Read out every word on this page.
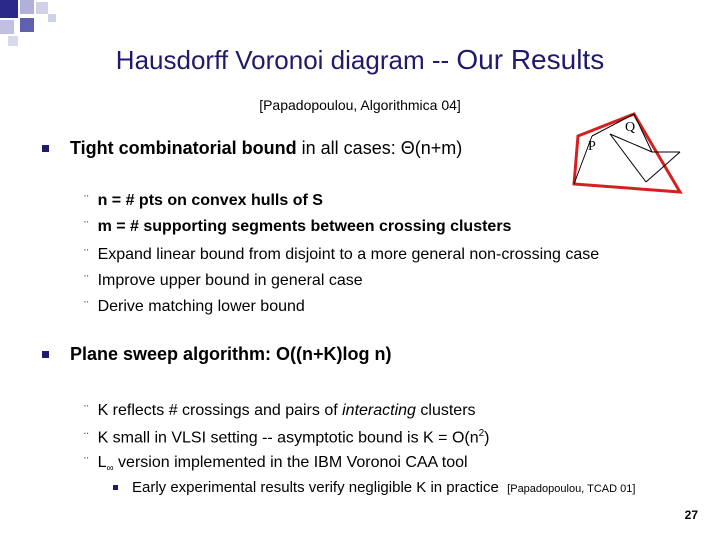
Hausdorff Voronoi diagram -- Our Results
[Papadopoulou, Algorithmica 04]
P
Q
Tight combinatorial bound in all cases: Θ(n+m)
¨ n = # pts on convex hulls of S
¨ m = # supporting segments between crossing clusters
¨ Expand linear bound from disjoint to a more general non-crossing case
¨ Improve upper bound in general case
¨ Derive matching lower bound
Plane sweep algorithm: O((n+K)log n)
¨ K reflects # crossings and pairs of interacting clusters
¨ K small in VLSI setting -- asymptotic bound is $K = O(n^2)$
¨ $L_\infty$ version implemented in the IBM Voronoi CAA tool
Early experimental results verify negligible K in practice [Papadopoulou, TCAD 01]
27
